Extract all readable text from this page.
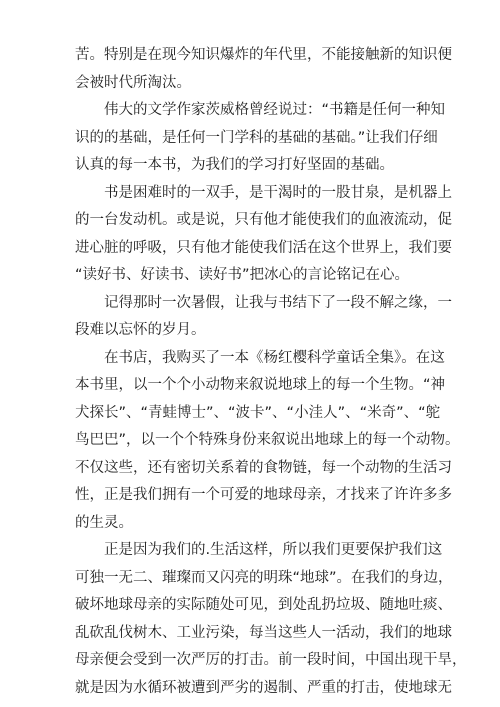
苦。特别是在现今知识爆炸的年代里，不能接触新的知识便
会被时代所淘汰。
伟大的文学作家茨威格曾经说过：“书籍是任何一种知
识的的基础，是任何一门学科的基础的基础。”让我们仔细
认真的每一本书，为我们的学习打好坚固的基础。
书是困难时的一双手，是干渴时的一股甘泉，是机器上
的一台发动机。或是说，只有他才能使我们的血液流动，促
进心脏的呼吸，只有他才能使我们活在这个世界上，我们要
“读好书、好读书、读好书”把冰心的言论铭记在心。
记得那时一次暑假，让我与书结下了一段不解之缘，一
段难以忘怀的岁月。
在书店，我购买了一本《杨红樱科学童话全集》。在这
本书里，以一个个小动物来叙说地球上的每一个生物。“神
犬探长”、“青蛙博士”、“波卡”、“小洼人”、“米奇”、“鸵
鸟巴巴”，以一个个特殊身份来叙说出地球上的每一个动物。
不仅这些，还有密切关系着的食物链，每一个动物的生活习
性，正是我们拥有一个可爱的地球母亲，才找来了许许多多
的生灵。
正是因为我们的.生活这样，所以我们更要保护我们这
可独一无二、璀璨而又闪亮的明珠“地球”。在我们的身边，
破坏地球母亲的实际随处可见，到处乱扔垃圾、随地吐痰、
乱砍乱伐树木、工业污染，每当这些人一活动，我们的地球
母亲便会受到一次严厉的打击。前一段时间，中国出现干旱，
就是因为水循环被遭到严劣的遏制、严重的打击，使地球无
